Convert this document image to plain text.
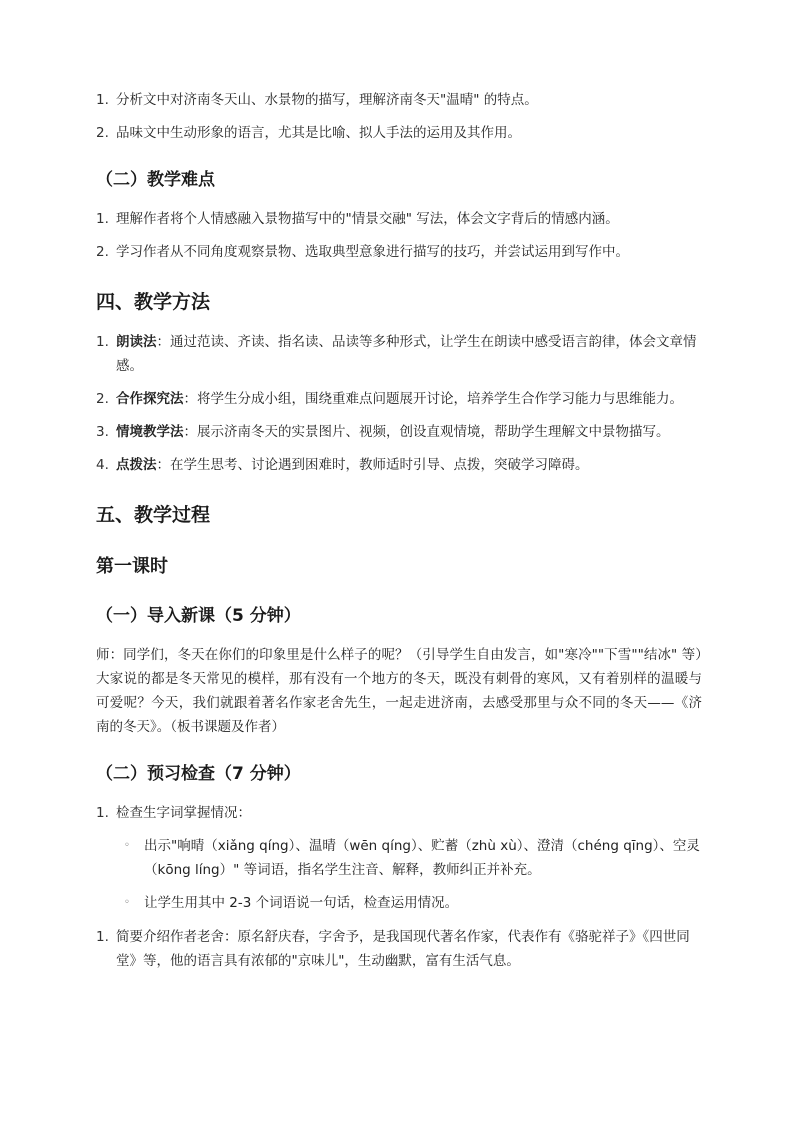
1. 分析文中对济南冬天山、水景物的描写，理解济南冬天"温晴" 的特点。
2. 品味文中生动形象的语言，尤其是比喻、拟人手法的运用及其作用。
（二）教学难点
1. 理解作者将个人情感融入景物描写中的"情景交融" 写法，体会文字背后的情感内涵。
2. 学习作者从不同角度观察景物、选取典型意象进行描写的技巧，并尝试运用到写作中。
四、教学方法
1. 朗读法：通过范读、齐读、指名读、品读等多种形式，让学生在朗读中感受语言韵律，体会文章情感。
2. 合作探究法：将学生分成小组，围绕重难点问题展开讨论，培养学生合作学习能力与思维能力。
3. 情境教学法：展示济南冬天的实景图片、视频，创设直观情境，帮助学生理解文中景物描写。
4. 点拨法：在学生思考、讨论遇到困难时，教师适时引导、点拨，突破学习障碍。
五、教学过程
第一课时
（一）导入新课（5 分钟）

师：同学们，冬天在你们的印象里是什么样子的呢？（引导学生自由发言，如"寒冷""下雪""结冰" 等）大家说的都是冬天常见的模样，那有没有一个地方的冬天，既没有刺骨的寒风，又有着别样的温暖与可爱呢？今天，我们就跟着著名作家老舍先生，一起走进济南，去感受那里与众不同的冬天——《济南的冬天》。（板书课题及作者）

（二）预习检查（7 分钟）
1. 检查生字词掌握情况：
◦ 出示"响晴（xiǎng qíng）、温晴（wēn qíng）、贮蓄（zhù xù）、澄清（chéng qīng）、空灵（kōng líng）" 等词语，指名学生注音、解释，教师纠正并补充。
◦ 让学生用其中 2-3 个词语说一句话，检查运用情况。
1. 简要介绍作者老舍：原名舒庆春，字舍予，是我国现代著名作家，代表作有《骆驼祥子》《四世同堂》等，他的语言具有浓郁的"京味儿"，生动幽默，富有生活气息。
